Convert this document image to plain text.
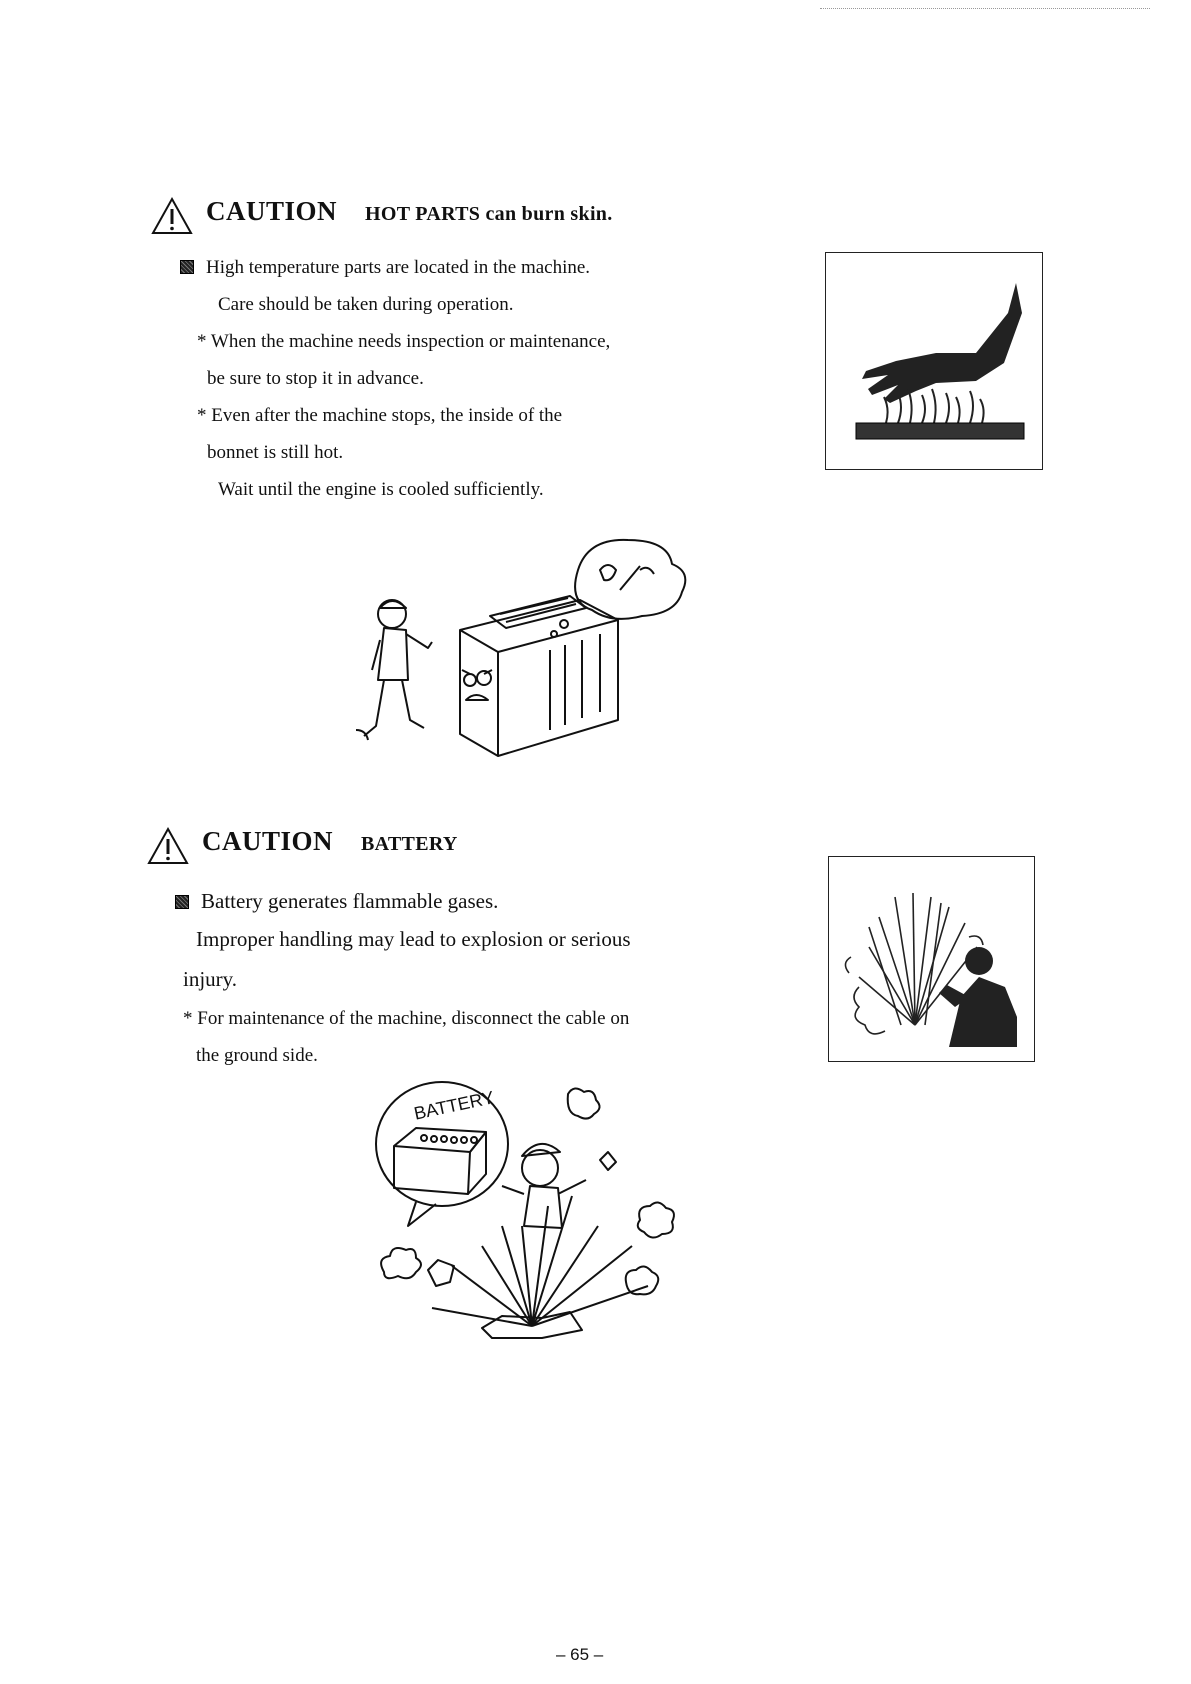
CAUTION HOT PARTS can burn skin.
High temperature parts are located in the machine.
Care should be taken during operation.
* When the machine needs inspection or maintenance,
be sure to stop it in advance.
* Even after the machine stops, the inside of the
bonnet is still hot.
Wait until the engine is cooled sufficiently.
CAUTION BATTERY
Battery generates flammable gases.
Improper handling may lead to explosion or serious
injury.
* For maintenance of the machine, disconnect the cable on
the ground side.
BATTERY
– 65 –
